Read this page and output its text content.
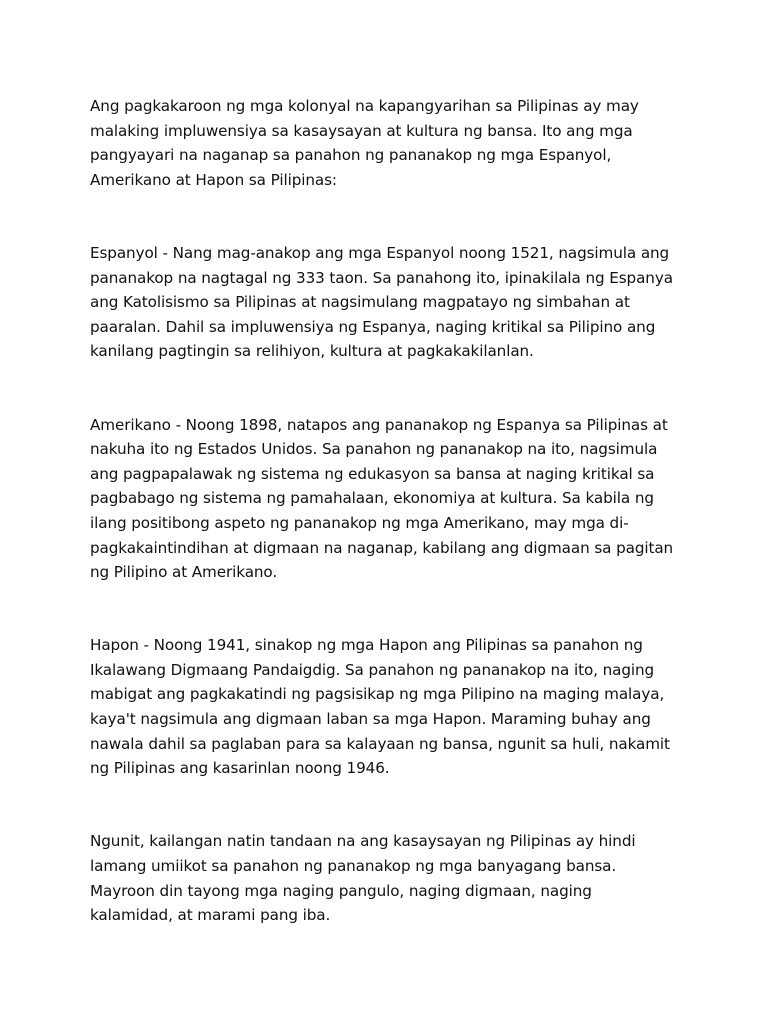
Ang pagkakaroon ng mga kolonyal na kapangyarihan sa Pilipinas ay may
malaking impluwensiya sa kasaysayan at kultura ng bansa. Ito ang mga
pangyayari na naganap sa panahon ng pananakop ng mga Espanyol,
Amerikano at Hapon sa Pilipinas:

Espanyol - Nang mag-anakop ang mga Espanyol noong 1521, nagsimula ang
pananakop na nagtagal ng 333 taon. Sa panahong ito, ipinakilala ng Espanya
ang Katolisismo sa Pilipinas at nagsimulang magpatayo ng simbahan at
paaralan. Dahil sa impluwensiya ng Espanya, naging kritikal sa Pilipino ang
kanilang pagtingin sa relihiyon, kultura at pagkakakilanlan.

Amerikano - Noong 1898, natapos ang pananakop ng Espanya sa Pilipinas at
nakuha ito ng Estados Unidos. Sa panahon ng pananakop na ito, nagsimula
ang pagpapalawak ng sistema ng edukasyon sa bansa at naging kritikal sa
pagbabago ng sistema ng pamahalaan, ekonomiya at kultura. Sa kabila ng
ilang positibong aspeto ng pananakop ng mga Amerikano, may mga di-
pagkakaintindihan at digmaan na naganap, kabilang ang digmaan sa pagitan
ng Pilipino at Amerikano.

Hapon - Noong 1941, sinakop ng mga Hapon ang Pilipinas sa panahon ng
Ikalawang Digmaang Pandaigdig. Sa panahon ng pananakop na ito, naging
mabigat ang pagkakatindi ng pagsisikap ng mga Pilipino na maging malaya,
kaya't nagsimula ang digmaan laban sa mga Hapon. Maraming buhay ang
nawala dahil sa paglaban para sa kalayaan ng bansa, ngunit sa huli, nakamit
ng Pilipinas ang kasarinlan noong 1946.

Ngunit, kailangan natin tandaan na ang kasaysayan ng Pilipinas ay hindi
lamang umiikot sa panahon ng pananakop ng mga banyagang bansa.
Mayroon din tayong mga naging pangulo, naging digmaan, naging
kalamidad, at marami pang iba.
